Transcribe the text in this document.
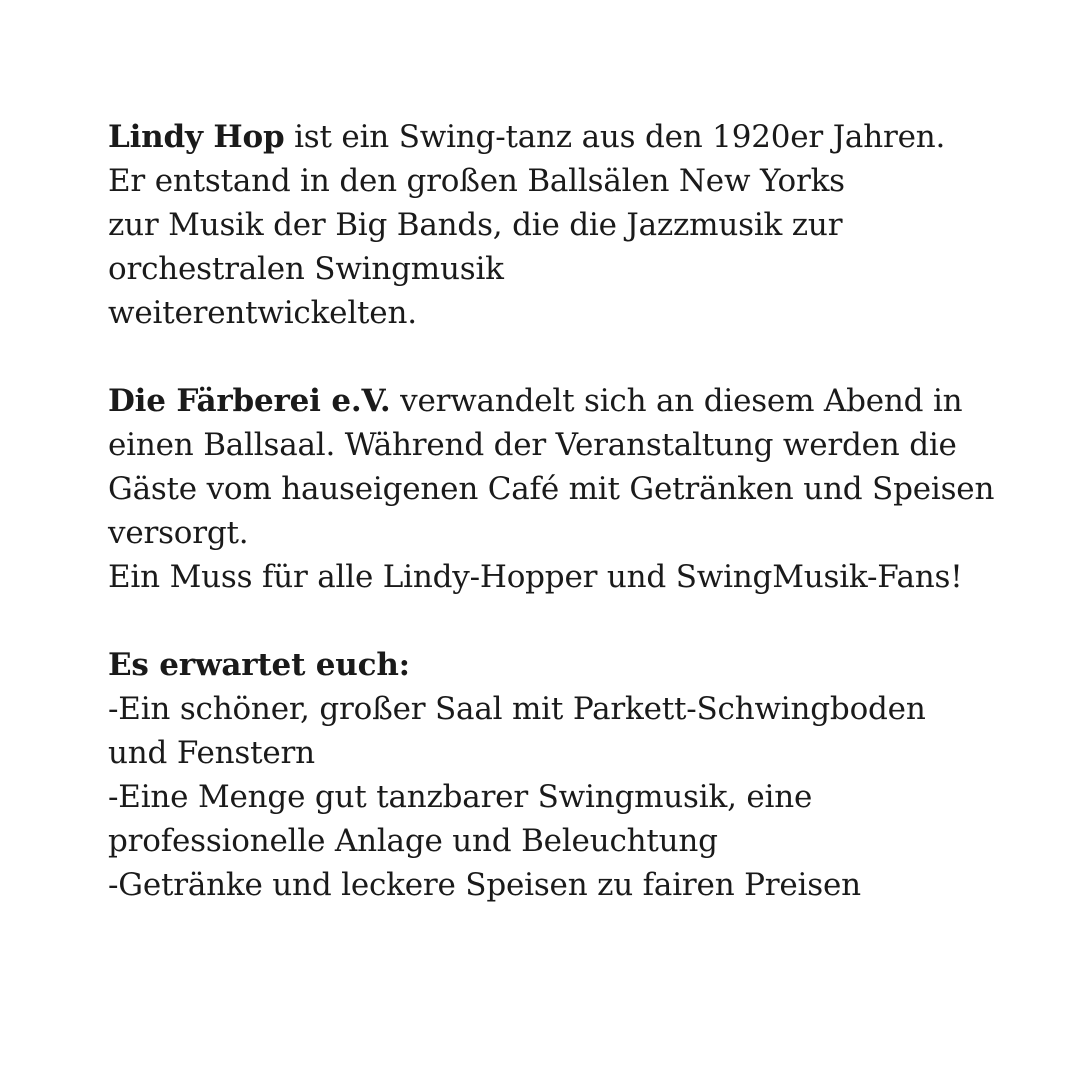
Lindy Hop ist ein Swing-tanz aus den 1920er Jahren.
Er entstand in den großen Ballsälen New Yorks
zur Musik der Big Bands, die die Jazzmusik zur
orchestralen Swingmusik
weiterentwickelten.
Die Färberei e.V. verwandelt sich an diesem Abend in
einen Ballsaal. Während der Veranstaltung werden die
Gäste vom hauseigenen Café mit Getränken und Speisen
versorgt.
Ein Muss für alle Lindy-Hopper und SwingMusik-Fans!
Es erwartet euch:
-Ein schöner, großer Saal mit Parkett-Schwingboden
und Fenstern
-Eine Menge gut tanzbarer Swingmusik, eine
professionelle Anlage und Beleuchtung
-Getränke und leckere Speisen zu fairen Preisen
